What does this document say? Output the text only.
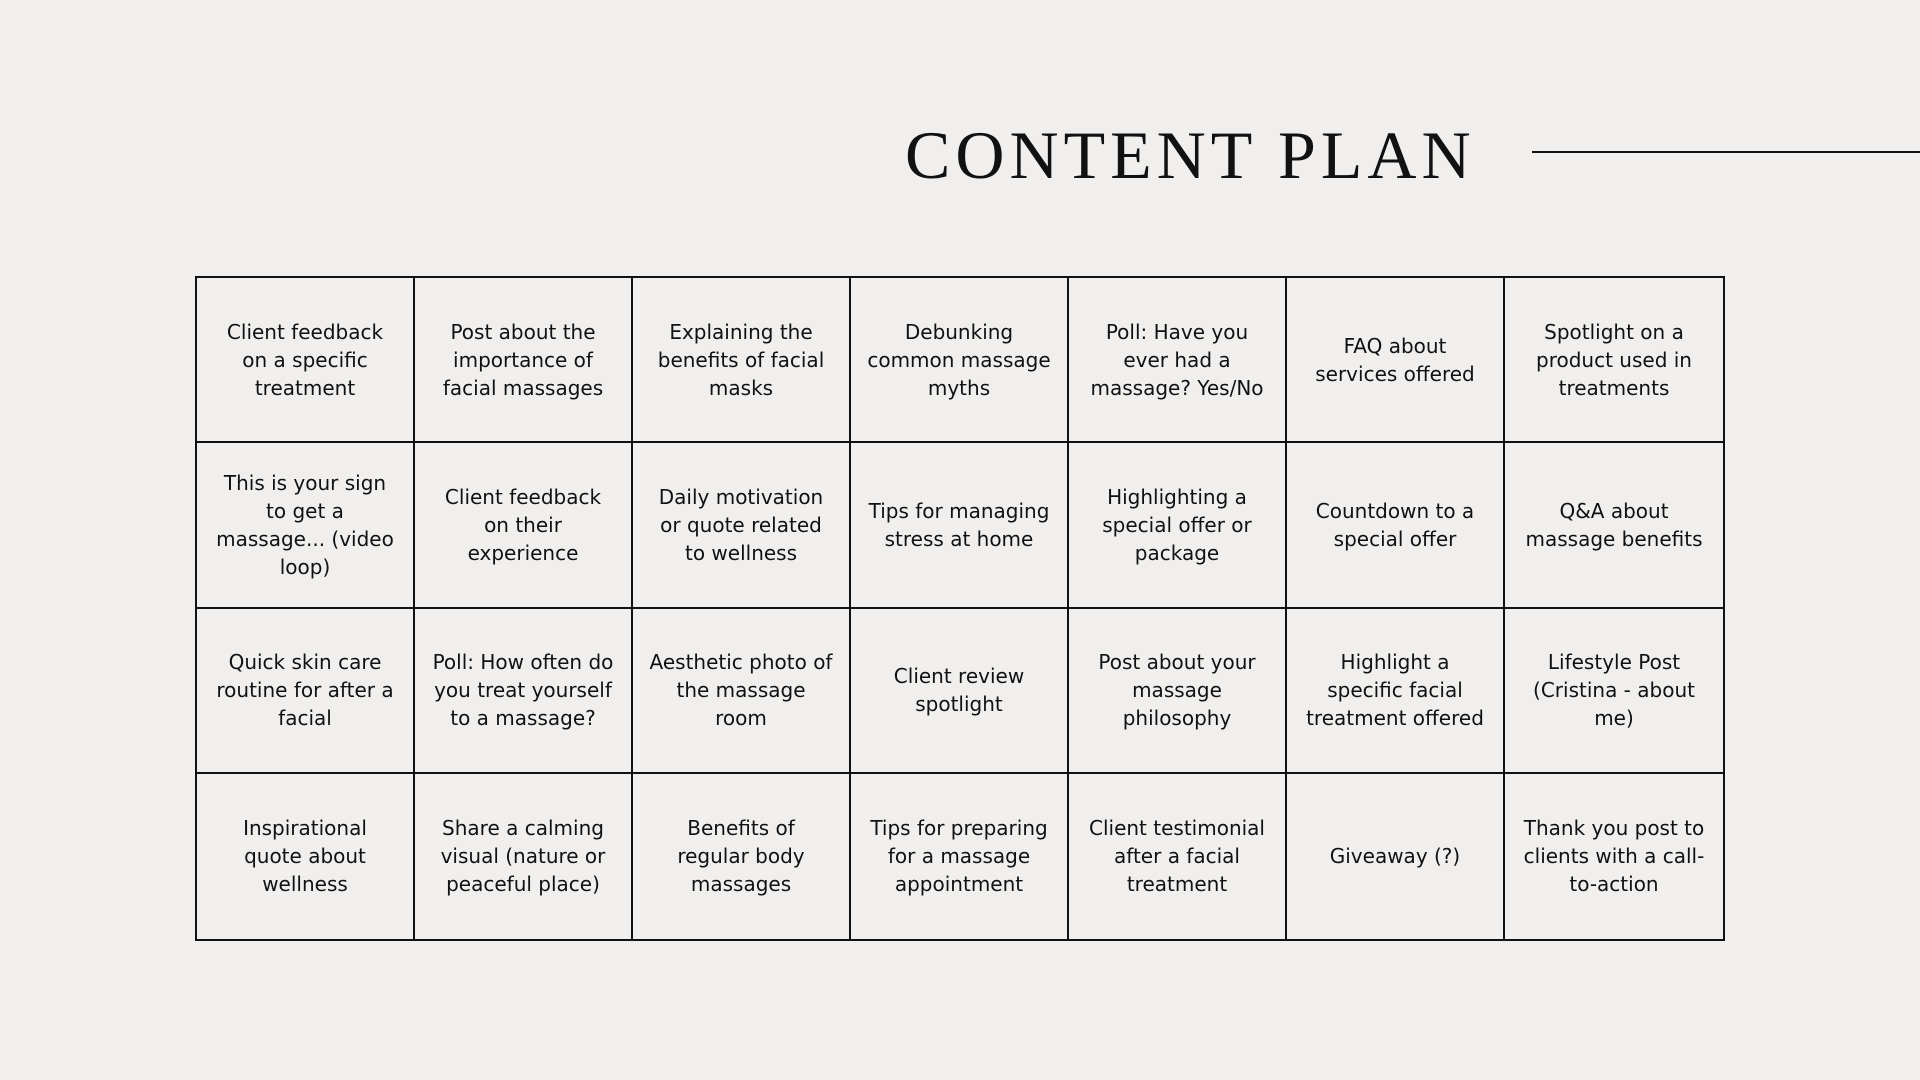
CONTENT PLAN
Client feedback on a specific treatment
Post about the importance of facial massages
Explaining the benefits of facial masks
Debunking common massage myths
Poll: Have you ever had a massage? Yes/No
FAQ about services offered
Spotlight on a product used in treatments
This is your sign to get a massage... (video loop)
Client feedback on their experience
Daily motivation or quote related to wellness
Tips for managing stress at home
Highlighting a special offer or package
Countdown to a special offer
Q&A about massage benefits
Quick skin care routine for after a facial
Poll: How often do you treat yourself to a massage?
Aesthetic photo of the massage room
Client review spotlight
Post about your massage philosophy
Highlight a specific facial treatment offered
Lifestyle Post (Cristina - about me)
Inspirational quote about wellness
Share a calming visual (nature or peaceful place)
Benefits of regular body massages
Tips for preparing for a massage appointment
Client testimonial after a facial treatment
Giveaway (?)
Thank you post to clients with a call-to-action
